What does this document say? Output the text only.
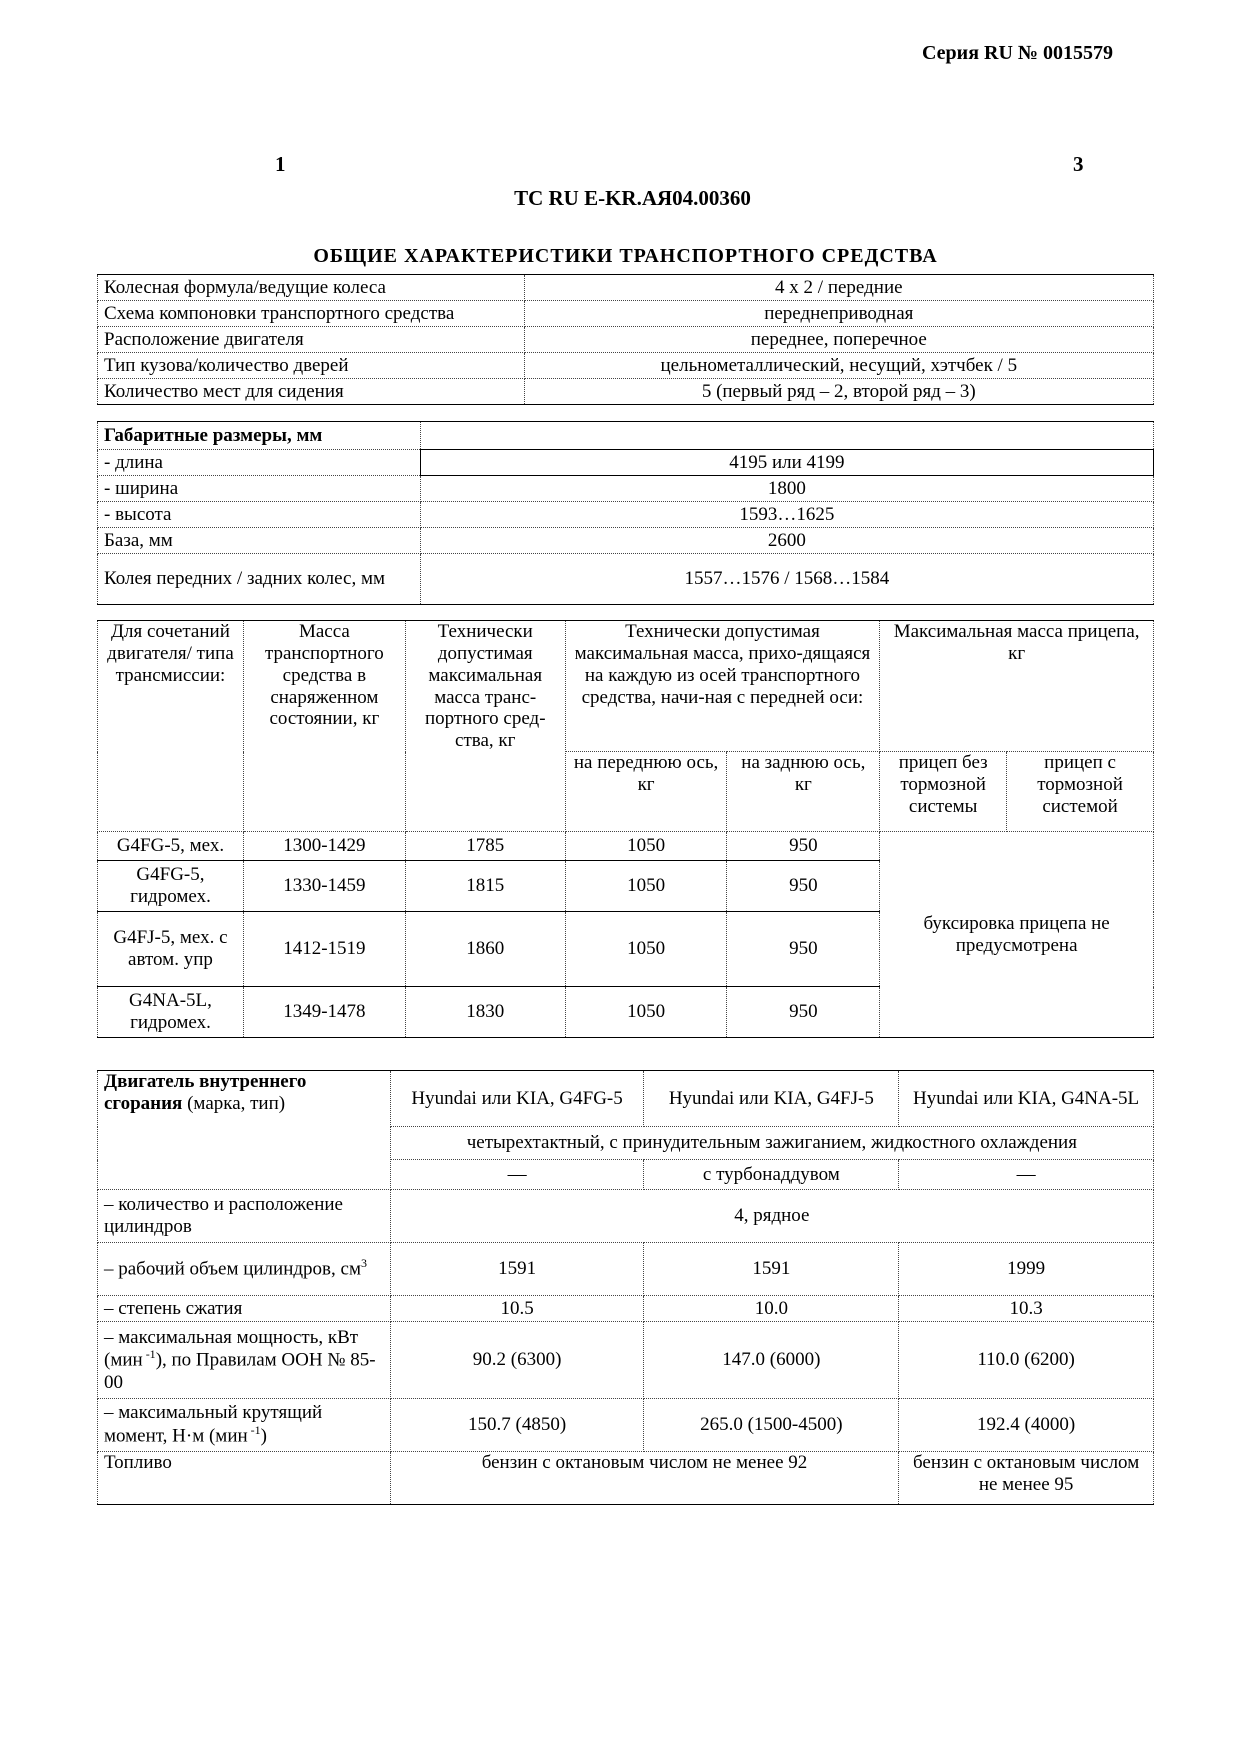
Серия RU № 0015579
1	3
ТС RU E-KR.АЯ04.00360
ОБЩИЕ ХАРАКТЕРИСТИКИ ТРАНСПОРТНОГО СРЕДСТВА
Колесная формула/ведущие колеса	4 x 2 / передние
Схема компоновки транспортного средства	переднеприводная
Расположение двигателя	переднее, поперечное
Тип кузова/количество дверей	цельнометаллический, несущий, хэтчбек / 5
Количество мест для сидения	5 (первый ряд – 2, второй ряд – 3)
Габаритные размеры, мм	
- длина	4195 или 4199
- ширина	1800
- высота	1593…1625
База, мм	2600
Колея передних / задних колес, мм	1557…1576 / 1568…1584
Для сочетаний двигателя/ типа трансмиссии:	Масса транспортного средства в снаряженном состоянии, кг	Технически допустимая максимальная масса транс-портного сред-ства, кг	Технически допустимая максимальная масса, прихо-дящаяся на каждую из осей транспортного средства, начи-ная с передней оси:		Максимальная масса прицепа, кг	
			на переднюю ось, кг	на заднюю ось, кг	прицеп без тормозной системы	прицеп с тормозной системой
G4FG-5, мех.	1300-1429	1785	1050	950	буксировка прицепа не предусмотрена	
G4FG-5, гидромех.	1330-1459	1815	1050	950		
G4FJ-5, мех. с автом. упр	1412-1519	1860	1050	950		
G4NA-5L, гидромех.	1349-1478	1830	1050	950		
Двигатель внутреннего сгорания (марка, тип)	Hyundai или KIA, G4FG-5	Hyundai или KIA, G4FJ-5	Hyundai или KIA, G4NA-5L
	четырехтактный, с принудительным зажиганием, жидкостного охлаждения		
	—	с турбонаддувом	—
– количество и расположение цилиндров	4, рядное		
– рабочий объем цилиндров, $см^3$	1591	1591	1999
– степень сжатия	10.5	10.0	10.3
– максимальная мощность, кВт (мин $^{-1}$), по Правилам ООН № 85-00	90.2 (6300)	147.0 (6000)	110.0 (6200)
– максимальный крутящий момент, Н·м (мин $^{-1}$)	150.7 (4850)	265.0 (1500-4500)	192.4 (4000)
Топливо	бензин с октановым числом не менее 92		бензин с октановым числом не менее 95
